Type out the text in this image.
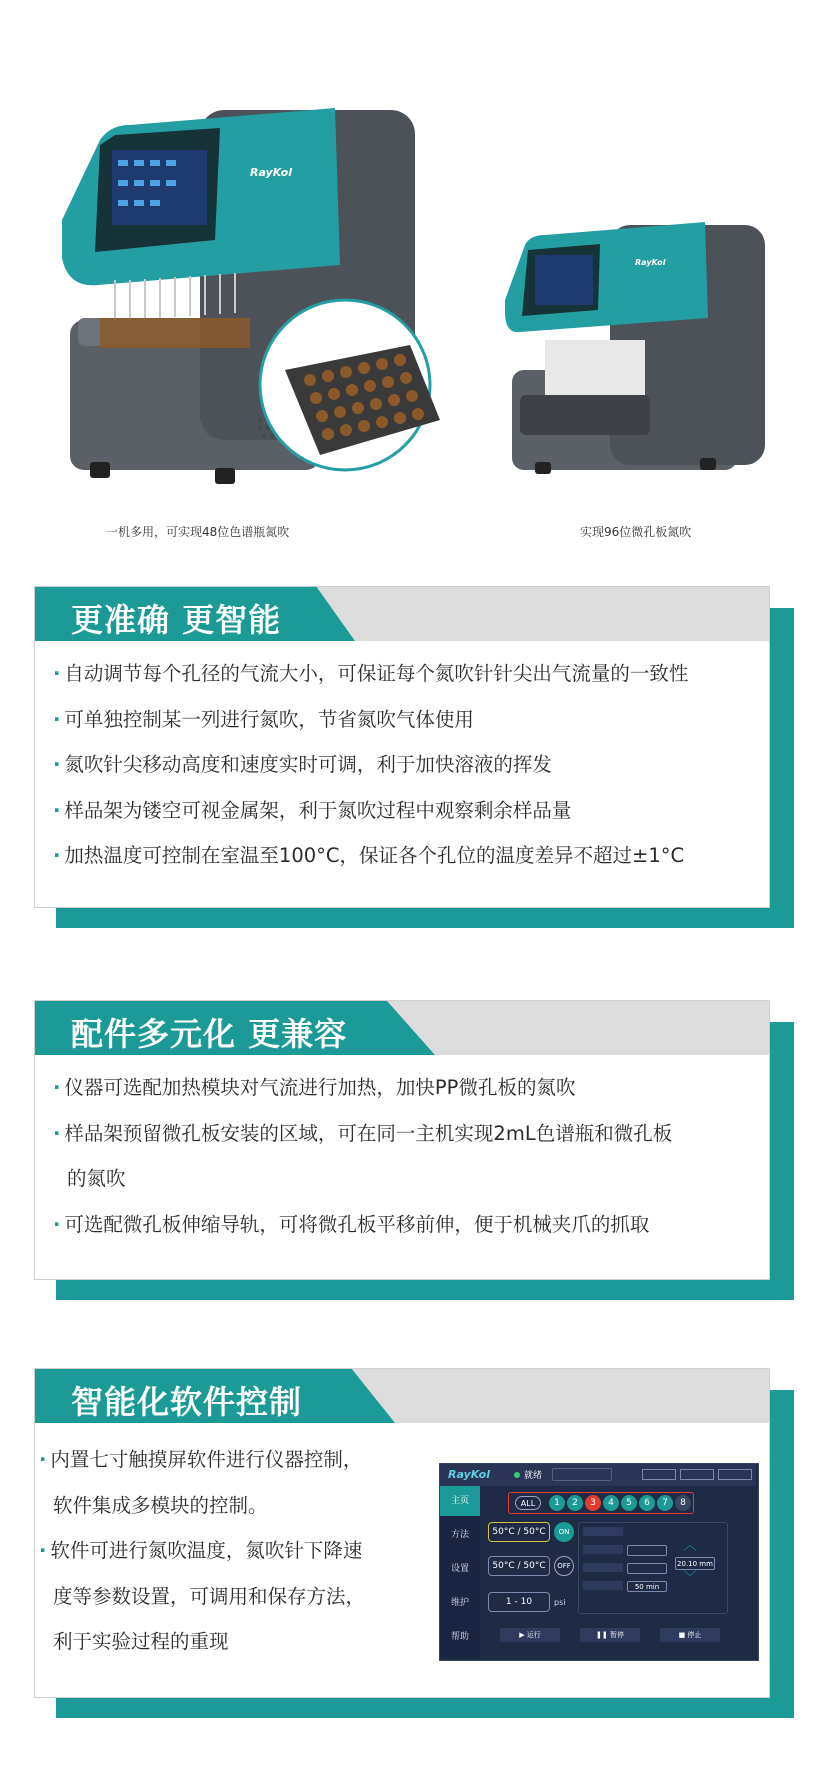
RayKol
RayKol
一机多用，可实现48位色谱瓶氮吹	实现96位微孔板氮吹
更准确 更智能
· 自动调节每个孔径的气流大小，可保证每个氮吹针针尖出气流量的一致性
· 可单独控制某一列进行氮吹，节省氮吹气体使用
· 氮吹针尖移动高度和速度实时可调，利于加快溶液的挥发
· 样品架为镂空可视金属架，利于氮吹过程中观察剩余样品量
· 加热温度可控制在室温至100°C，保证各个孔位的温度差异不超过±1°C
配件多元化 更兼容
· 仪器可选配加热模块对气流进行加热，加快PP微孔板的氮吹
· 样品架预留微孔板安装的区域，可在同一主机实现2mL色谱瓶和微孔板
的氮吹
· 可选配微孔板伸缩导轨，可将微孔板平移前伸，便于机械夹爪的抓取
智能化软件控制
· 内置七寸触摸屏软件进行仪器控制，
软件集成多模块的控制。
· 软件可进行氮吹温度，氮吹针下降速
度等参数设置，可调用和保存方法，
利于实验过程的重现
RayKol	就绪
主页
方法
设置
维护
帮助
ALL	1	2	3	4	5	6	7	8
50°C / 50°C	ON
50°C / 50°C	OFF
1 - 10	psi
50 min
︿
20.10 mm
﹀
▶ 运行	❚❚ 暂停	■ 停止
